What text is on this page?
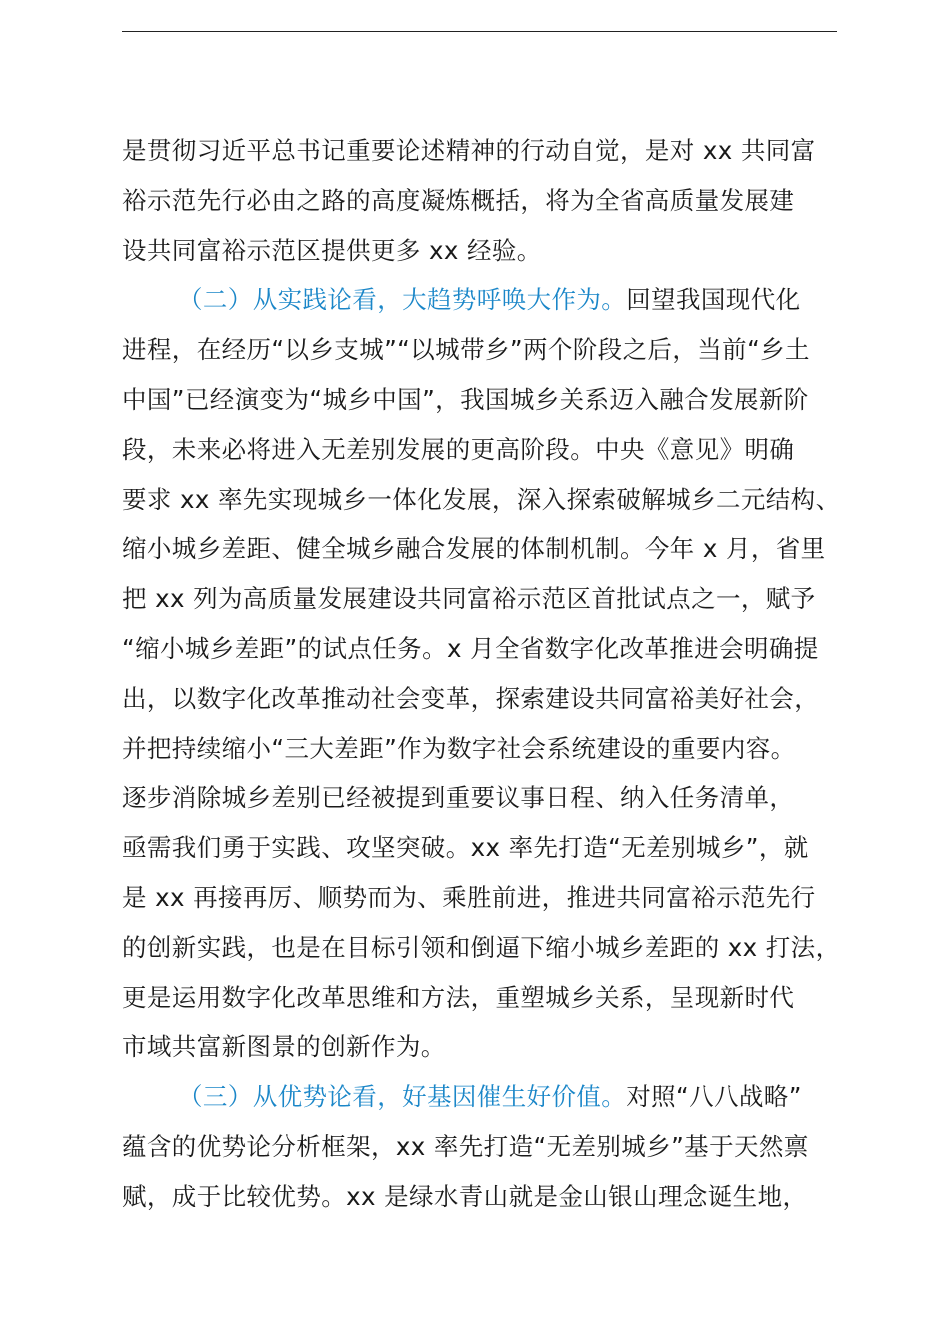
是贯彻习近平总书记重要论述精神的行动自觉，是对 xx 共同富
裕示范先行必由之路的高度凝炼概括，将为全省高质量发展建
设共同富裕示范区提供更多 xx 经验。
（二）从实践论看，大趋势呼唤大作为。回望我国现代化
进程，在经历“以乡支城”“以城带乡”两个阶段之后，当前“乡土
中国”已经演变为“城乡中国”，我国城乡关系迈入融合发展新阶
段，未来必将进入无差别发展的更高阶段。中央《意见》明确
要求 xx 率先实现城乡一体化发展，深入探索破解城乡二元结构、
缩小城乡差距、健全城乡融合发展的体制机制。今年 x 月，省里
把 xx 列为高质量发展建设共同富裕示范区首批试点之一，赋予
“缩小城乡差距”的试点任务。x 月全省数字化改革推进会明确提
出，以数字化改革推动社会变革，探索建设共同富裕美好社会，
并把持续缩小“三大差距”作为数字社会系统建设的重要内容。
逐步消除城乡差别已经被提到重要议事日程、纳入任务清单，
亟需我们勇于实践、攻坚突破。xx 率先打造“无差别城乡”，就
是 xx 再接再厉、顺势而为、乘胜前进，推进共同富裕示范先行
的创新实践，也是在目标引领和倒逼下缩小城乡差距的 xx 打法，
更是运用数字化改革思维和方法，重塑城乡关系，呈现新时代
市域共富新图景的创新作为。
（三）从优势论看，好基因催生好价值。对照“八八战略”
蕴含的优势论分析框架，xx 率先打造“无差别城乡”基于天然禀
赋，成于比较优势。xx 是绿水青山就是金山银山理念诞生地，
